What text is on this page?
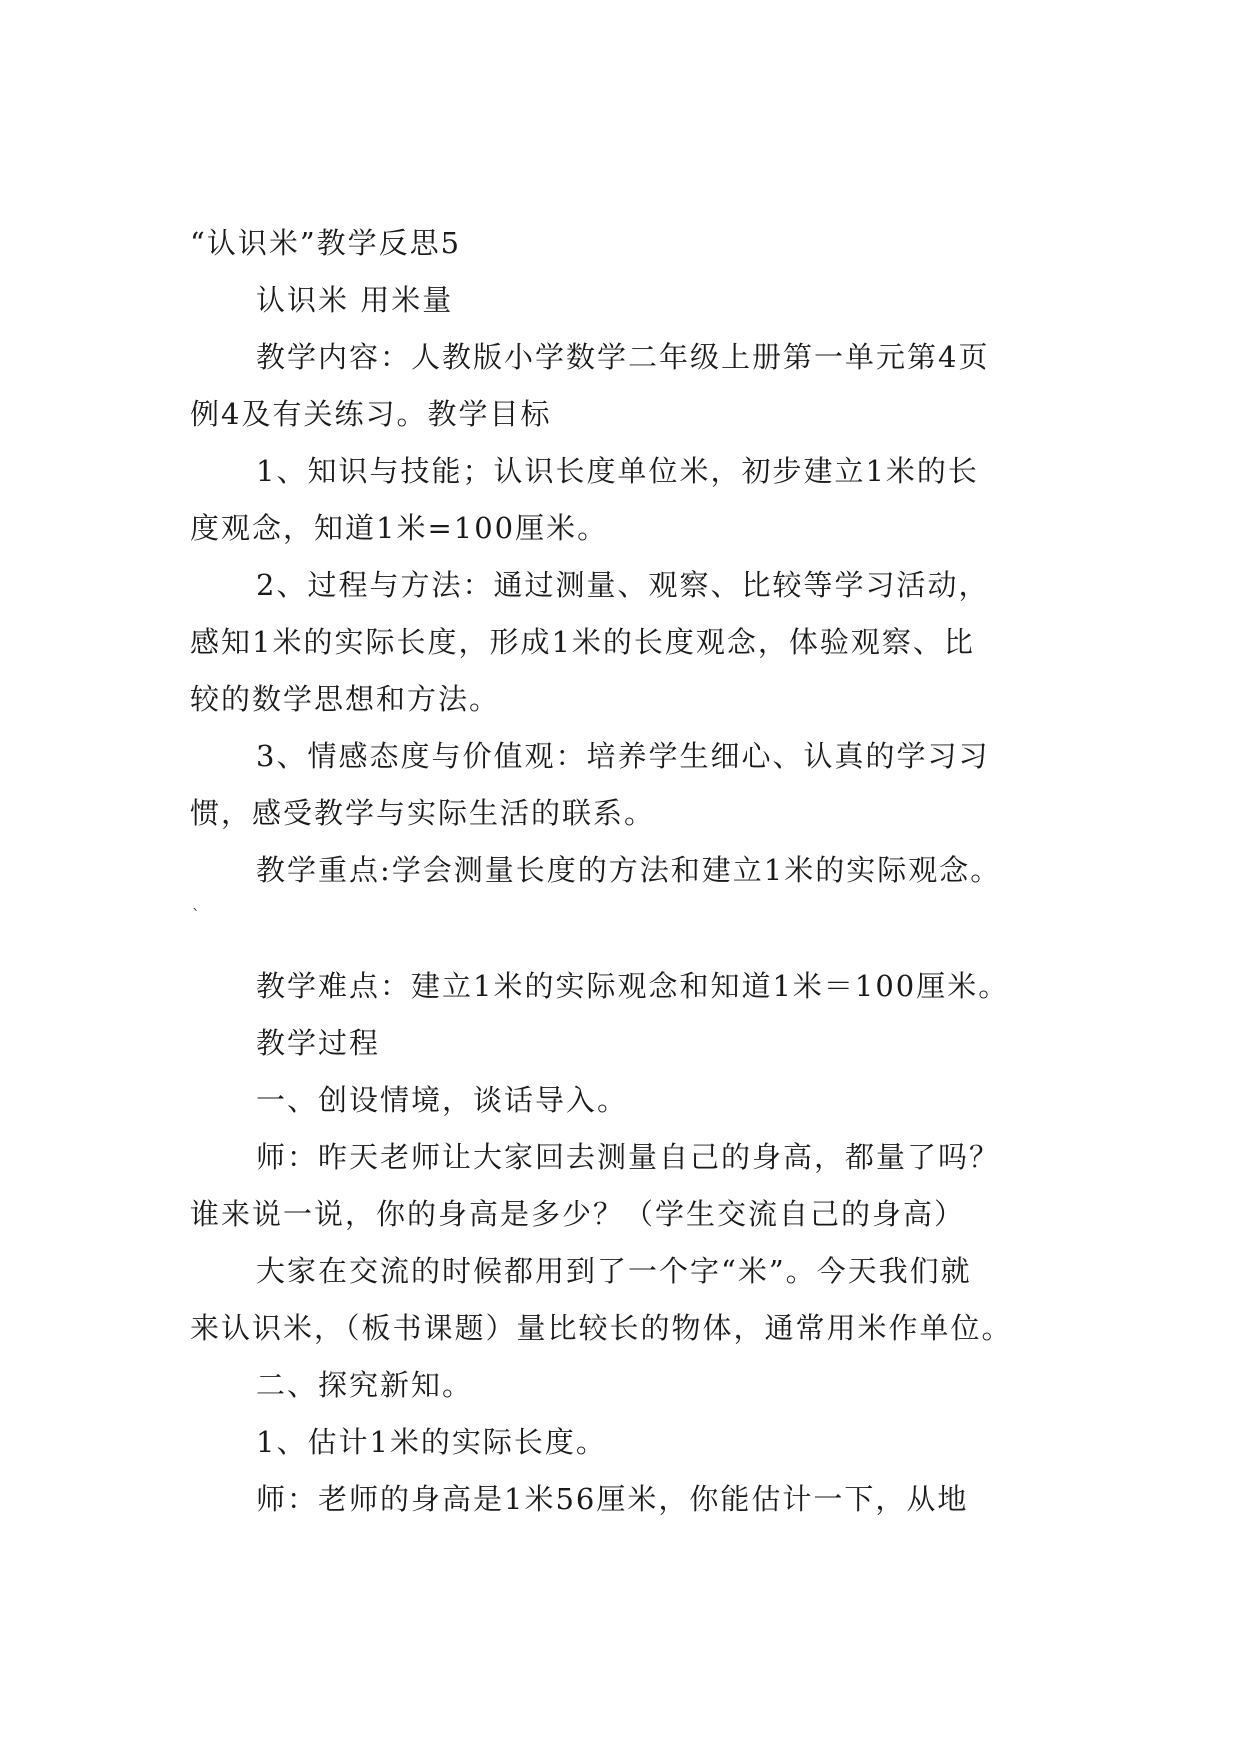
“认识米”教学反思5
认识米 用米量
教学内容：人教版小学数学二年级上册第一单元第4页
例4及有关练习。教学目标
1、知识与技能；认识长度单位米，初步建立1米的长
度观念，知道1米=100厘米。
2、过程与方法：通过测量、观察、比较等学习活动，
感知1米的实际长度，形成1米的长度观念，体验观察、比
较的数学思想和方法。
3、情感态度与价值观：培养学生细心、认真的学习习
惯，感受教学与实际生活的联系。
教学重点:学会测量长度的方法和建立1米的实际观念。
`
教学难点：建立1米的实际观念和知道1米＝100厘米。
教学过程
一、创设情境，谈话导入。
师：昨天老师让大家回去测量自己的身高，都量了吗？
谁来说一说，你的身高是多少？（学生交流自己的身高）
大家在交流的时候都用到了一个字“米”。今天我们就
来认识米，（板书课题）量比较长的物体，通常用米作单位。
二、探究新知。
1、估计1米的实际长度。
师：老师的身高是1米56厘米，你能估计一下，从地
